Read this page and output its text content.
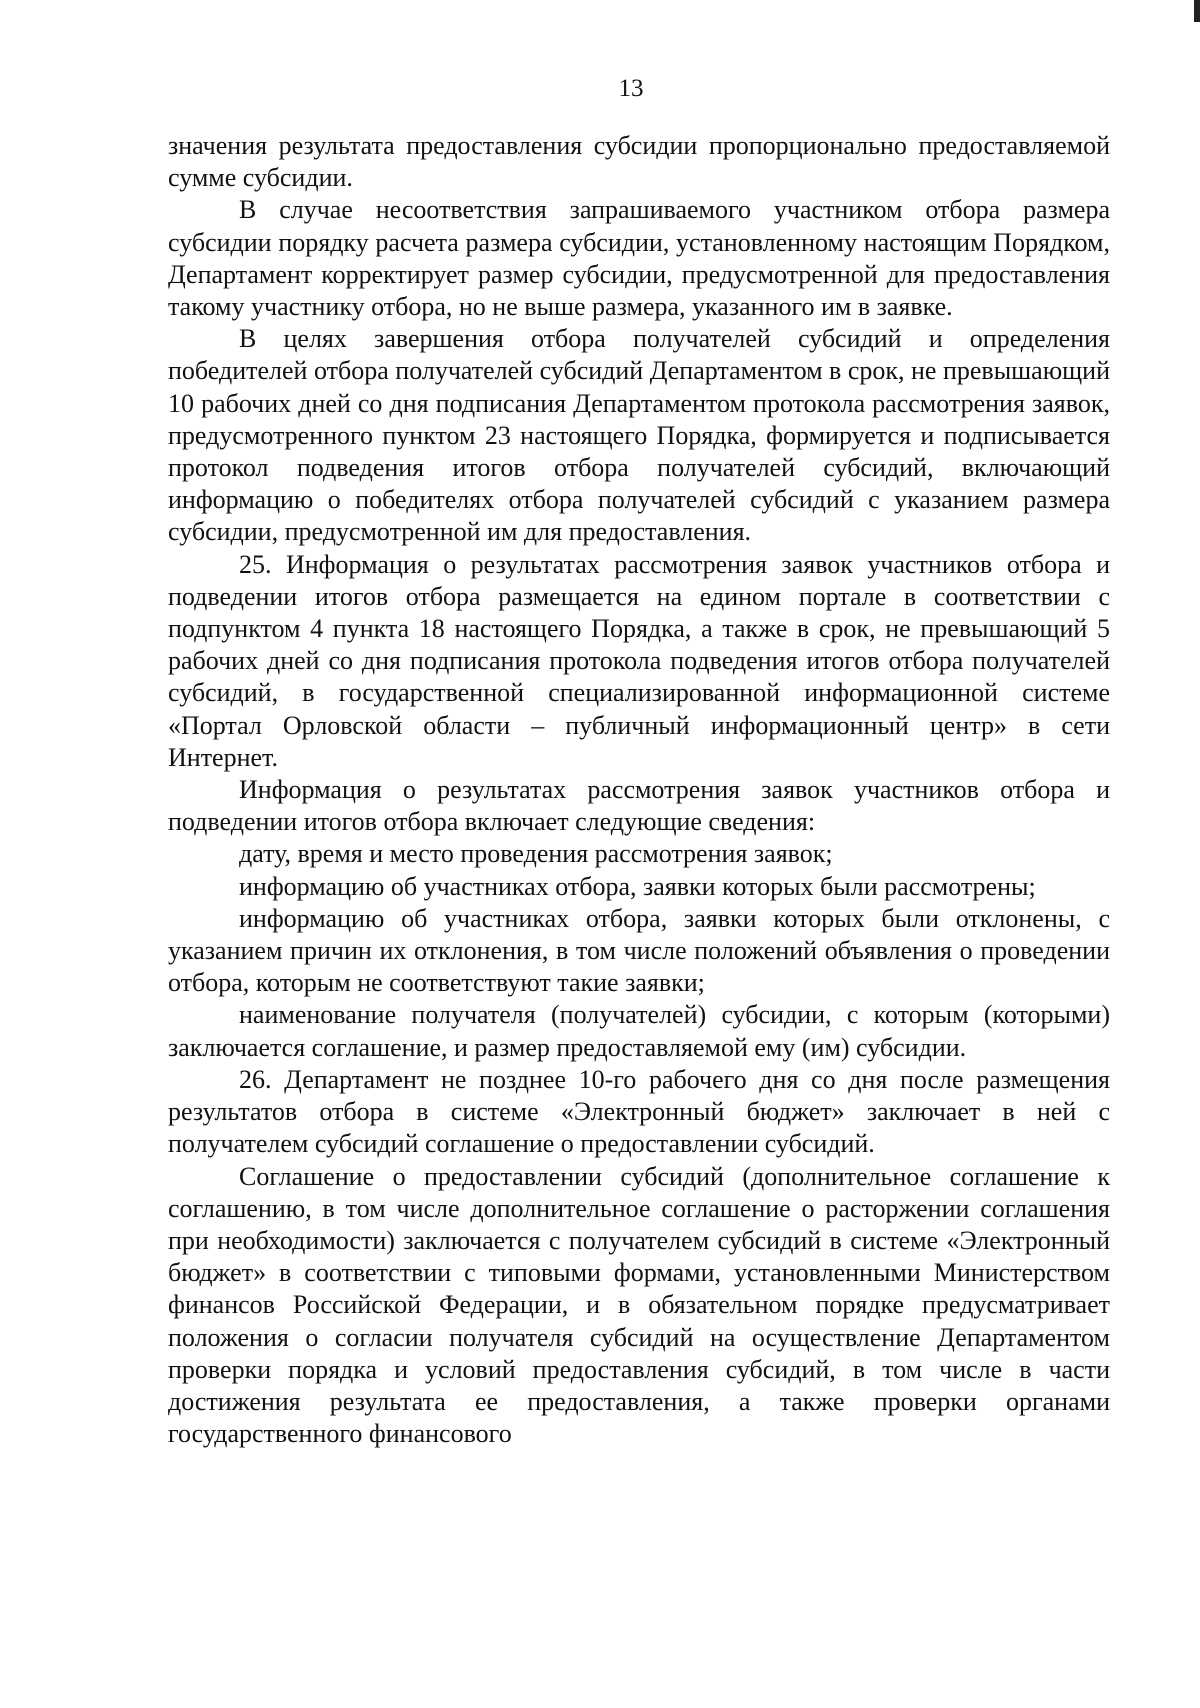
13

значения результата предоставления субсидии пропорционально предоставляемой сумме субсидии.

В случае несоответствия запрашиваемого участником отбора размера субсидии порядку расчета размера субсидии, установленному настоящим Порядком, Департамент корректирует размер субсидии, предусмотренной для предоставления такому участнику отбора, но не выше размера, указанного им в заявке.

В целях завершения отбора получателей субсидий и определения победителей отбора получателей субсидий Департаментом в срок, не превышающий 10 рабочих дней со дня подписания Департаментом протокола рассмотрения заявок, предусмотренного пунктом 23 настоящего Порядка, формируется и подписывается протокол подведения итогов отбора получателей субсидий, включающий информацию о победителях отбора получателей субсидий с указанием размера субсидии, предусмотренной им для предоставления.

25. Информация о результатах рассмотрения заявок участников отбора и подведении итогов отбора размещается на едином портале в соответствии с подпунктом 4 пункта 18 настоящего Порядка, а также в срок, не превышающий 5 рабочих дней со дня подписания протокола подведения итогов отбора получателей субсидий, в государственной специализированной информационной системе «Портал Орловской области – публичный информационный центр» в сети Интернет.

Информация о результатах рассмотрения заявок участников отбора и подведении итогов отбора включает следующие сведения:

дату, время и место проведения рассмотрения заявок;

информацию об участниках отбора, заявки которых были рассмотрены;

информацию об участниках отбора, заявки которых были отклонены, с указанием причин их отклонения, в том числе положений объявления о проведении отбора, которым не соответствуют такие заявки;

наименование получателя (получателей) субсидии, с которым (которыми) заключается соглашение, и размер предоставляемой ему (им) субсидии.

26. Департамент не позднее 10-го рабочего дня со дня после размещения результатов отбора в системе «Электронный бюджет» заключает в ней с получателем субсидий соглашение о предоставлении субсидий.

Соглашение о предоставлении субсидий (дополнительное соглашение к соглашению, в том числе дополнительное соглашение о расторжении соглашения при необходимости) заключается с получателем субсидий в системе «Электронный бюджет» в соответствии с типовыми формами, установленными Министерством финансов Российской Федерации, и в обязательном порядке предусматривает положения о согласии получателя субсидий на осуществление Департаментом проверки порядка и условий предоставления субсидий, в том числе в части достижения результата ее предоставления, а также проверки органами государственного финансового
